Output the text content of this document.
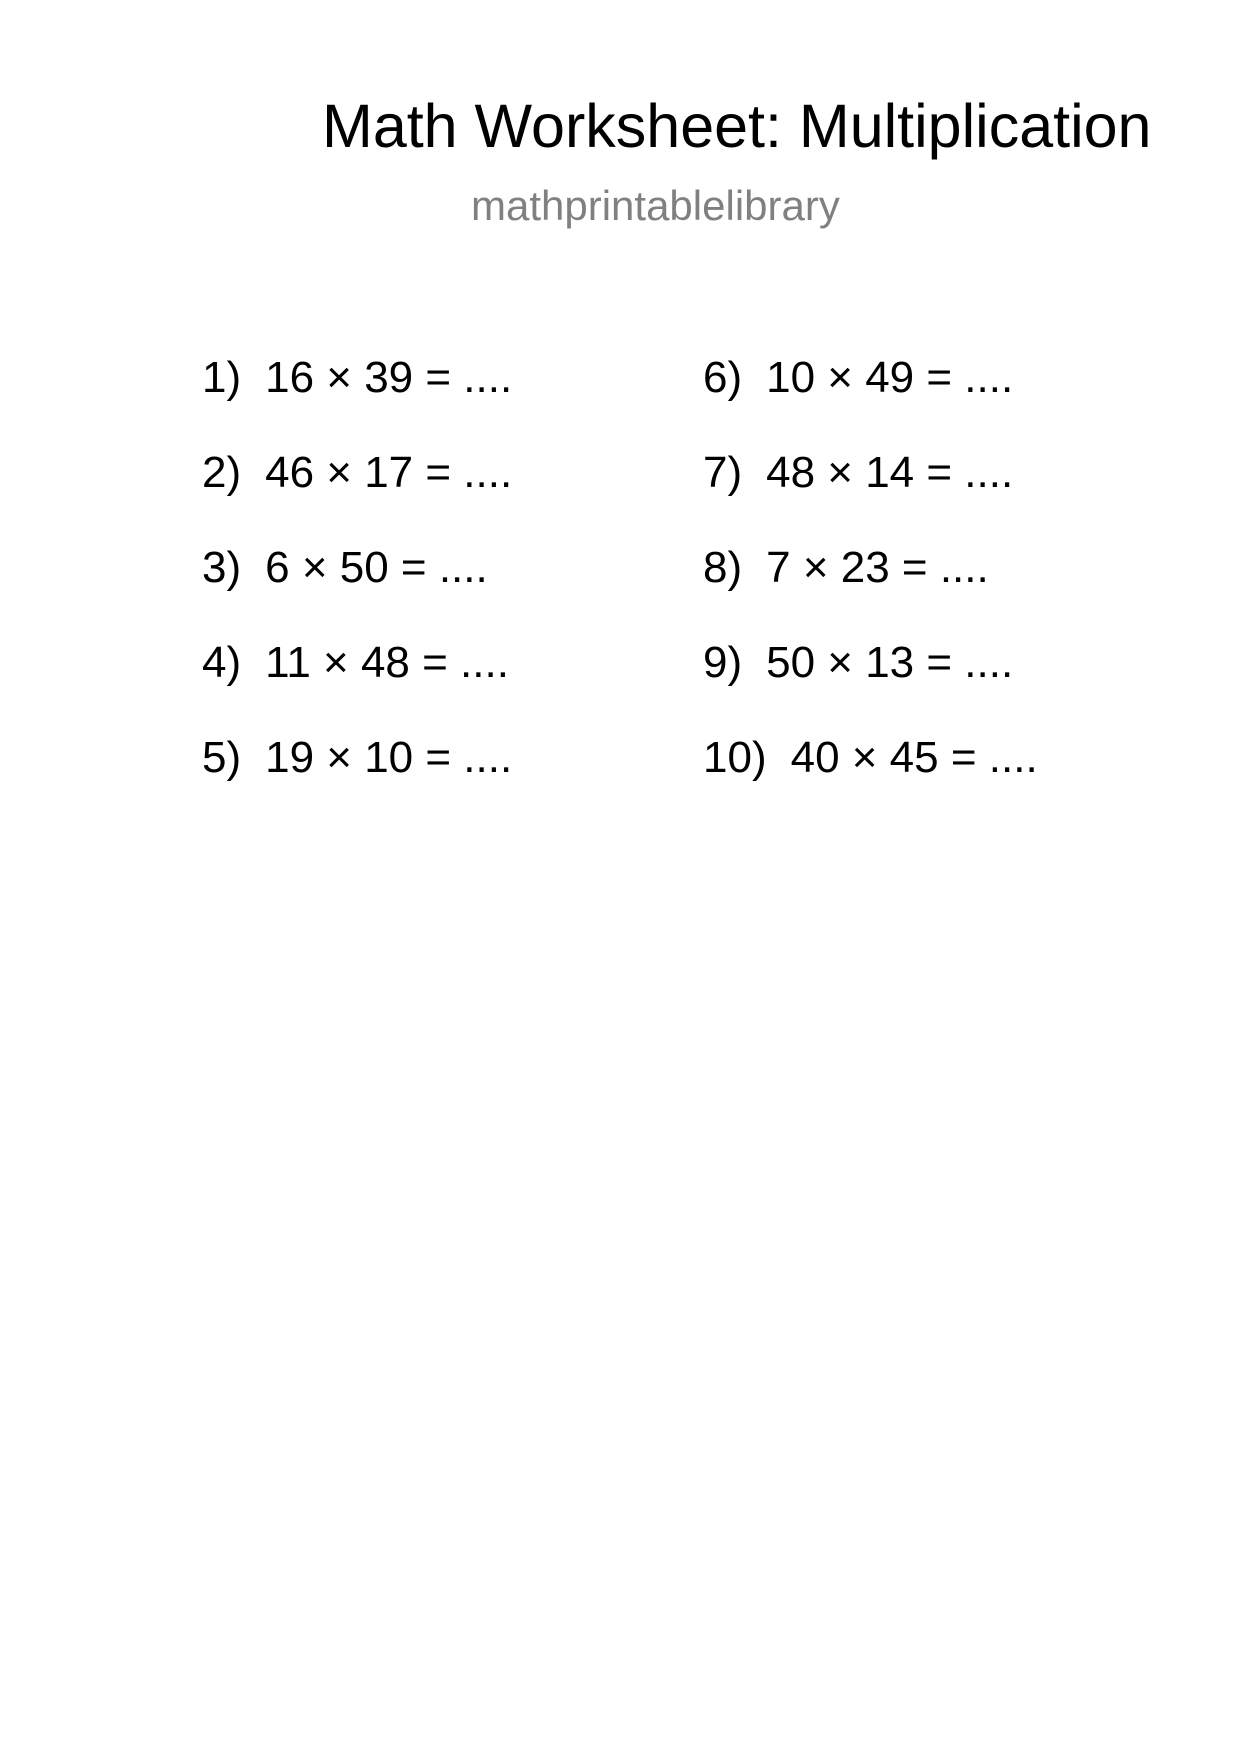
Math Worksheet: Multiplication
mathprintablelibrary
1) 16 × 39 = ....
2) 46 × 17 = ....
3) 6 × 50 = ....
4) 11 × 48 = ....
5) 19 × 10 = ....
6) 10 × 49 = ....
7) 48 × 14 = ....
8) 7 × 23 = ....
9) 50 × 13 = ....
10) 40 × 45 = ....
